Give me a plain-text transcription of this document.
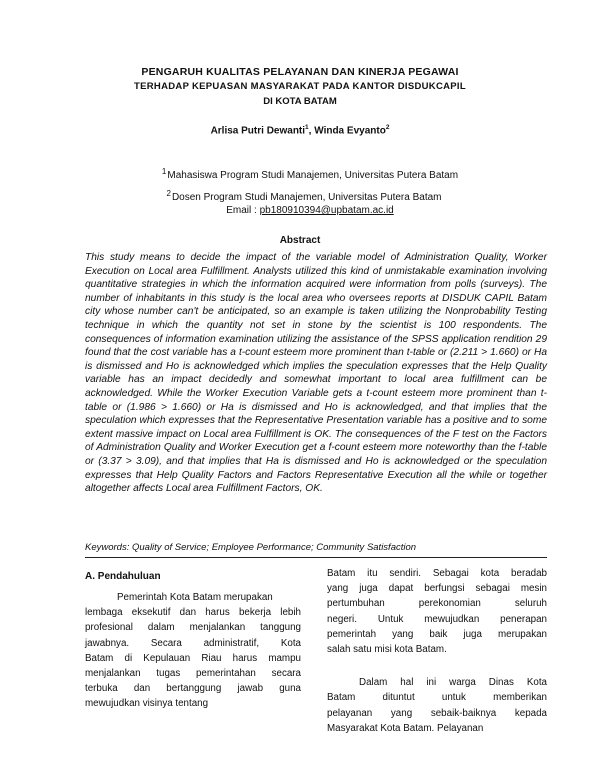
PENGARUH KUALITAS PELAYANAN DAN KINERJA PEGAWAI
TERHADAP KEPUASAN MASYARAKAT PADA KANTOR DISDUKCAPIL
DI KOTA BATAM
Arlisa Putri Dewanti$^1$, Winda Evyanto$^2$
$^1$Mahasiswa Program Studi Manajemen, Universitas Putera Batam
$^2$Dosen Program Studi Manajemen, Universitas Putera Batam
Email : pb180910394@upbatam.ac.id
Abstract

This study means to decide the impact of the variable model of Administration Quality, Worker Execution on Local area Fulfillment. Analysts utilized this kind of unmistakable examination involving quantitative strategies in which the information acquired were information from polls (surveys). The number of inhabitants in this study is the local area who oversees reports at DISDUK CAPIL Batam city whose number can't be anticipated, so an example is taken utilizing the Nonprobability Testing technique in which the quantity not set in stone by the scientist is 100 respondents. The consequences of information examination utilizing the assistance of the SPSS application rendition 29 found that the cost variable has a t-count esteem more prominent than t-table or (2.211 > 1.660) or Ha is dismissed and Ho is acknowledged which implies the speculation expresses that the Help Quality variable has an impact decidedly and somewhat important to local area fulfillment can be acknowledged. While the Worker Execution Variable gets a t-count esteem more prominent than t-table or (1.986 > 1.660) or Ha is dismissed and Ho is acknowledged, and that implies that the speculation which expresses that the Representative Presentation variable has a positive and to some extent massive impact on Local area Fulfillment is OK. The consequences of the F test on the Factors of Administration Quality and Worker Execution get a f-count esteem more noteworthy than the f-table or (3.37 > 3.09), and that implies that Ha is dismissed and Ho is acknowledged or the speculation expresses that Help Quality Factors and Factors Representative Execution all the while or together altogether affects Local area Fulfillment Factors, OK.

Keywords: Quality of Service; Employee Performance; Community Satisfaction
A. Pendahuluan
Pemerintah Kota Batam merupakan
lembaga eksekutif dan harus bekerja lebih
profesional dalam menjalankan tanggung
jawabnya. Secara administratif, Kota
Batam di Kepulauan Riau harus mampu
menjalankan tugas pemerintahan secara
terbuka dan bertanggung jawab guna
mewujudkan visinya tentang
Batam itu sendiri. Sebagai kota beradab
yang juga dapat berfungsi sebagai mesin
pertumbuhan perekonomian seluruh
negeri. Untuk mewujudkan penerapan
pemerintah yang baik juga merupakan
salah satu misi kota Batam.
Dalam hal ini warga Dinas Kota
Batam dituntut untuk memberikan
pelayanan yang sebaik-baiknya kepada
Masyarakat Kota Batam. Pelayanan
